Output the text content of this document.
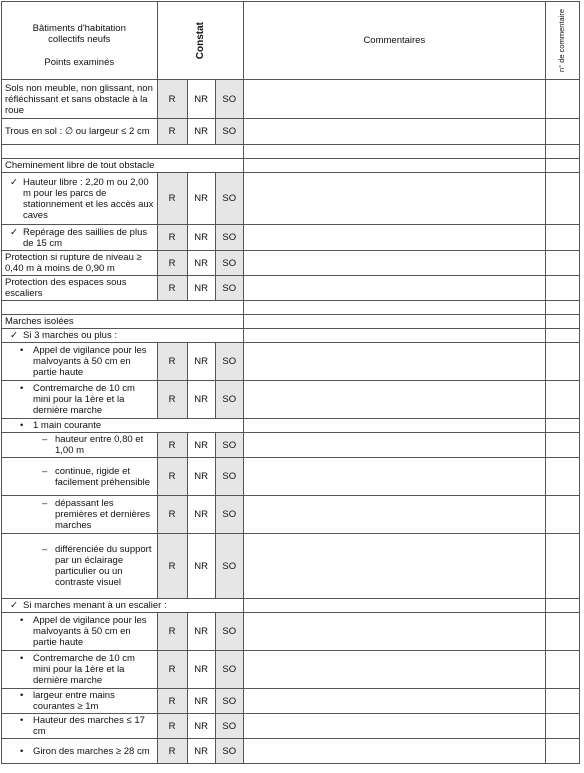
Bâtiments d'habitation
collectifs neufs
Points examinés	Constat			Commentaires	n° de commentaire

Sols non meuble, non glissant, non réfléchissant et sans obstacle à la roue	R	NR	SO		

Trous en sol : ∅ ou largeur ≤ 2 cm	R	NR	SO		

Cheminement libre de tout obstacle					

✓ Hauteur libre : 2,20 m ou 2,00 m pour les parcs de stationnement et les accès aux caves	R	NR	SO		

✓ Repérage des saillies de plus de 15 cm	R	NR	SO		

Protection si rupture de niveau ≥ 0,40 m à moins de 0,90 m	R	NR	SO		

Protection des espaces sous escaliers	R	NR	SO		

Marches isolées					

✓ Si 3 marches ou plus :					

• Appel de vigilance pour les malvoyants à 50 cm en partie haute	R	NR	SO		

• Contremarche de 10 cm mini pour la 1ère et la dernière marche	R	NR	SO		

• 1 main courante					

– hauteur entre 0,80 et 1,00 m	R	NR	SO		

– continue, rigide et facilement préhensible	R	NR	SO		

– dépassant les premières et dernières marches	R	NR	SO		

– différenciée du support par un éclairage particulier ou un contraste visuel	R	NR	SO		

✓ Si marches menant à un escalier :					

• Appel de vigilance pour les malvoyants à 50 cm en partie haute	R	NR	SO		

• Contremarche de 10 cm mini pour la 1ère et la dernière marche	R	NR	SO		

• largeur entre mains courantes ≥ 1m	R	NR	SO		

• Hauteur des marches ≤ 17 cm	R	NR	SO		

• Giron des marches ≥ 28 cm	R	NR	SO		
